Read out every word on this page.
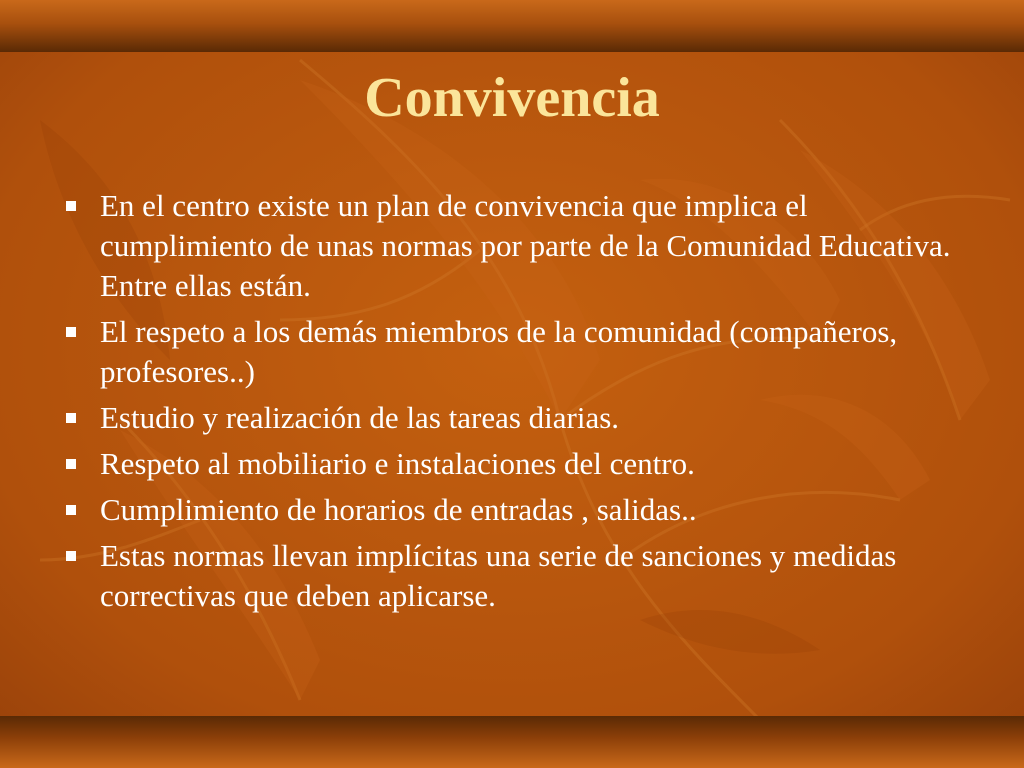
Convivencia
En el centro existe un plan de convivencia que implica el cumplimiento de unas normas por parte de la Comunidad Educativa. Entre ellas están.
El respeto a los demás miembros de la comunidad (compañeros, profesores..)
Estudio y realización de las tareas diarias.
Respeto al mobiliario e instalaciones del centro.
Cumplimiento de horarios de entradas , salidas..
Estas normas llevan implícitas una serie de sanciones y medidas correctivas que deben aplicarse.
